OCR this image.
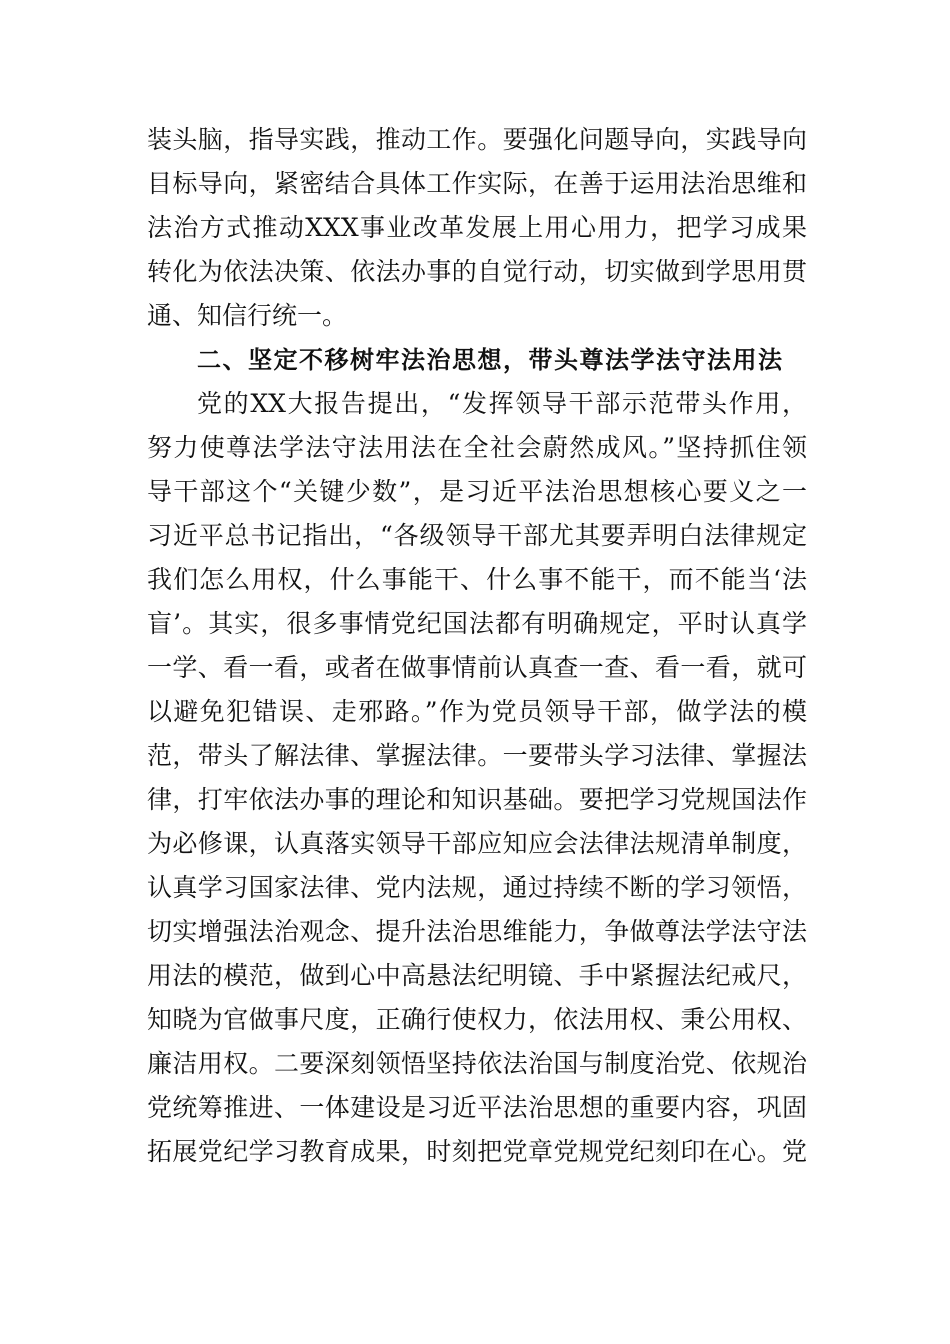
装头脑，指导实践，推动工作。要强化问题导向，实践导向
目标导向，紧密结合具体工作实际，在善于运用法治思维和
法治方式推动XXX事业改革发展上用心用力，把学习成果
转化为依法决策、依法办事的自觉行动，切实做到学思用贯
通、知信行统一。
二、坚定不移树牢法治思想，带头尊法学法守法用法
党的XX大报告提出，“发挥领导干部示范带头作用，
努力使尊法学法守法用法在全社会蔚然成风。”坚持抓住领
导干部这个“关键少数”，是习近平法治思想核心要义之一
习近平总书记指出，“各级领导干部尤其要弄明白法律规定
我们怎么用权，什么事能干、什么事不能干，而不能当‘法
盲’。其实，很多事情党纪国法都有明确规定，平时认真学
一学、看一看，或者在做事情前认真查一查、看一看，就可
以避免犯错误、走邪路。”作为党员领导干部，做学法的模
范，带头了解法律、掌握法律。一要带头学习法律、掌握法
律，打牢依法办事的理论和知识基础。要把学习党规国法作
为必修课，认真落实领导干部应知应会法律法规清单制度，
认真学习国家法律、党内法规，通过持续不断的学习领悟，
切实增强法治观念、提升法治思维能力，争做尊法学法守法
用法的模范，做到心中高悬法纪明镜、手中紧握法纪戒尺，
知晓为官做事尺度，正确行使权力，依法用权、秉公用权、
廉洁用权。二要深刻领悟坚持依法治国与制度治党、依规治
党统筹推进、一体建设是习近平法治思想的重要内容，巩固
拓展党纪学习教育成果，时刻把党章党规党纪刻印在心。党
